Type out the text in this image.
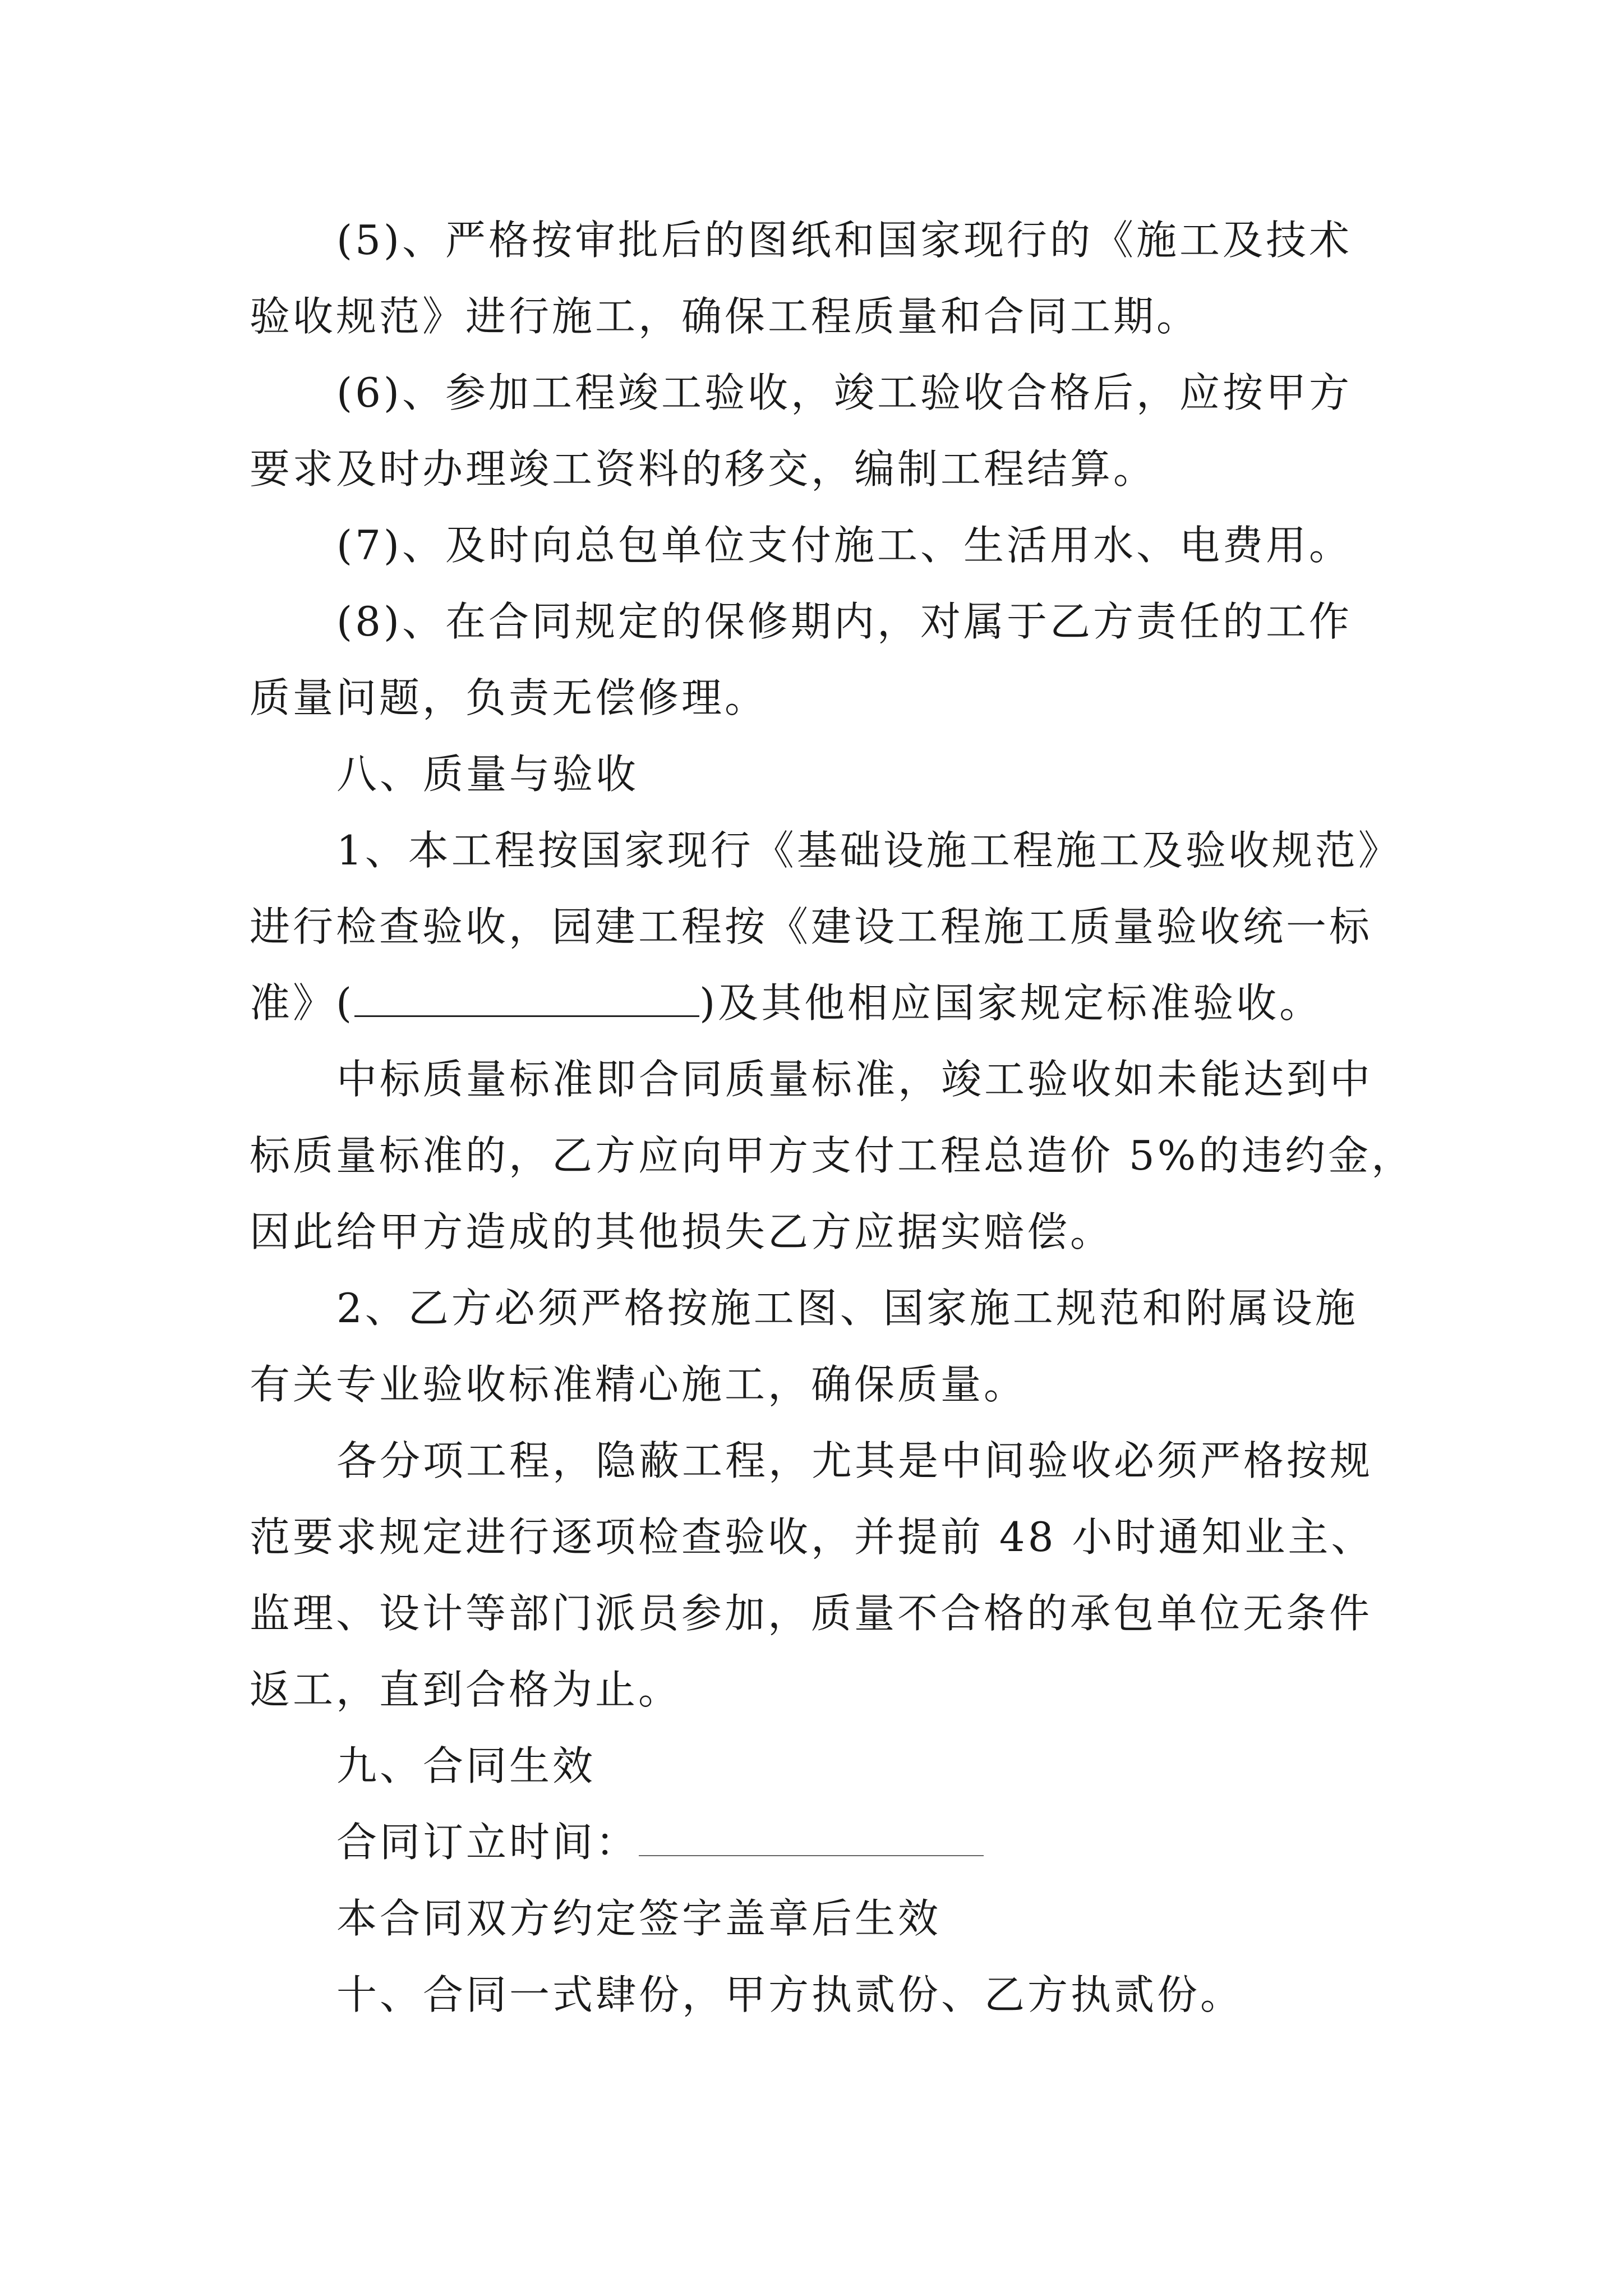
(5)、严格按审批后的图纸和国家现行的《施工及技术
验收规范》进行施工，确保工程质量和合同工期。
(6)、参加工程竣工验收，竣工验收合格后，应按甲方
要求及时办理竣工资料的移交，编制工程结算。
(7)、及时向总包单位支付施工、生活用水、电费用。
(8)、在合同规定的保修期内，对属于乙方责任的工作
质量问题，负责无偿修理。
八、质量与验收
1、本工程按国家现行《基础设施工程施工及验收规范》
进行检查验收，园建工程按《建设工程施工质量验收统一标
准》(	)及其他相应国家规定标准验收。
中标质量标准即合同质量标准，竣工验收如未能达到中
标质量标准的，乙方应向甲方支付工程总造价 5%的违约金，
因此给甲方造成的其他损失乙方应据实赔偿。
2、乙方必须严格按施工图、国家施工规范和附属设施
有关专业验收标准精心施工，确保质量。
各分项工程，隐蔽工程，尤其是中间验收必须严格按规
范要求规定进行逐项检查验收，并提前 48 小时通知业主、
监理、设计等部门派员参加，质量不合格的承包单位无条件
返工，直到合格为止。
九、合同生效
合同订立时间：
本合同双方约定签字盖章后生效
十、合同一式肆份，甲方执贰份、乙方执贰份。
